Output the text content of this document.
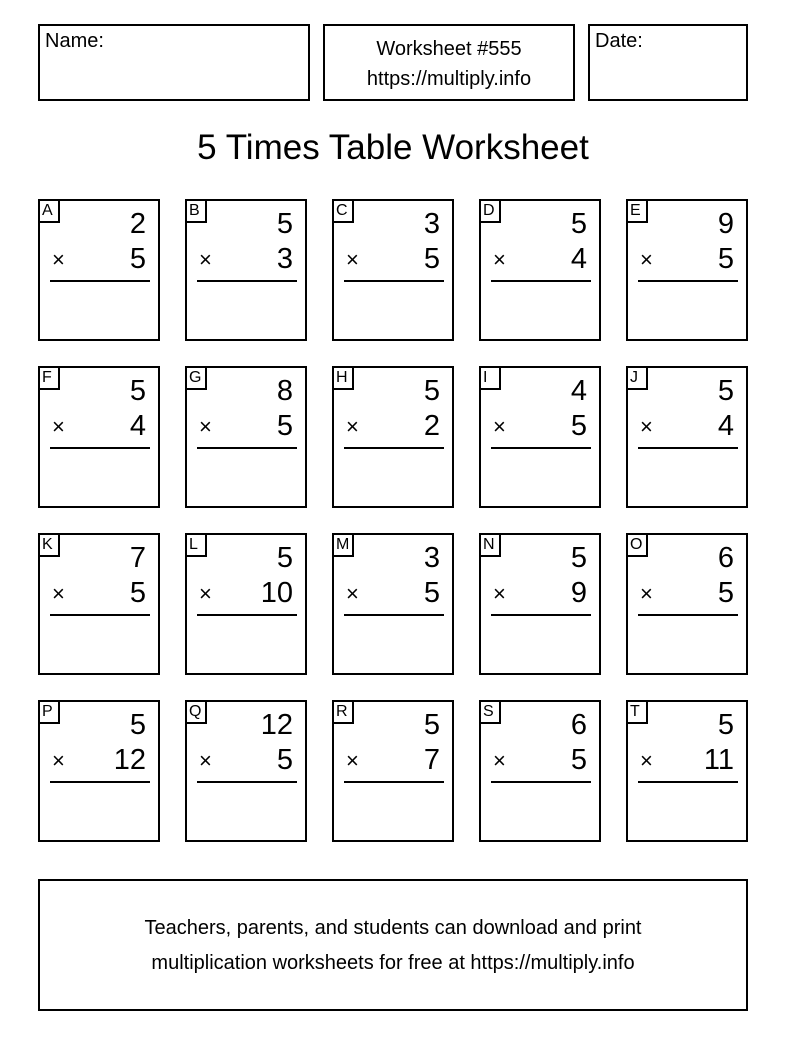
Name:	Worksheet #555
https://multiply.info
Date:
5 Times Table Worksheet
A	2
× 5
B	5
× 3
C	3
× 5
D	5
× 4
E	9
× 5
F	5
× 4
G	8
× 5
H	5
× 2
I	4
× 5
J	5
× 4
K	7
× 5
L	5
× 10
M	3
× 5
N	5
× 9
O	6
× 5
P	5
× 12
Q 12
× 5
R	5
× 7
S	6
× 5
T	5
× 11
Teachers, parents, and students can download and print
multiplication worksheets for free at https://multiply.info
